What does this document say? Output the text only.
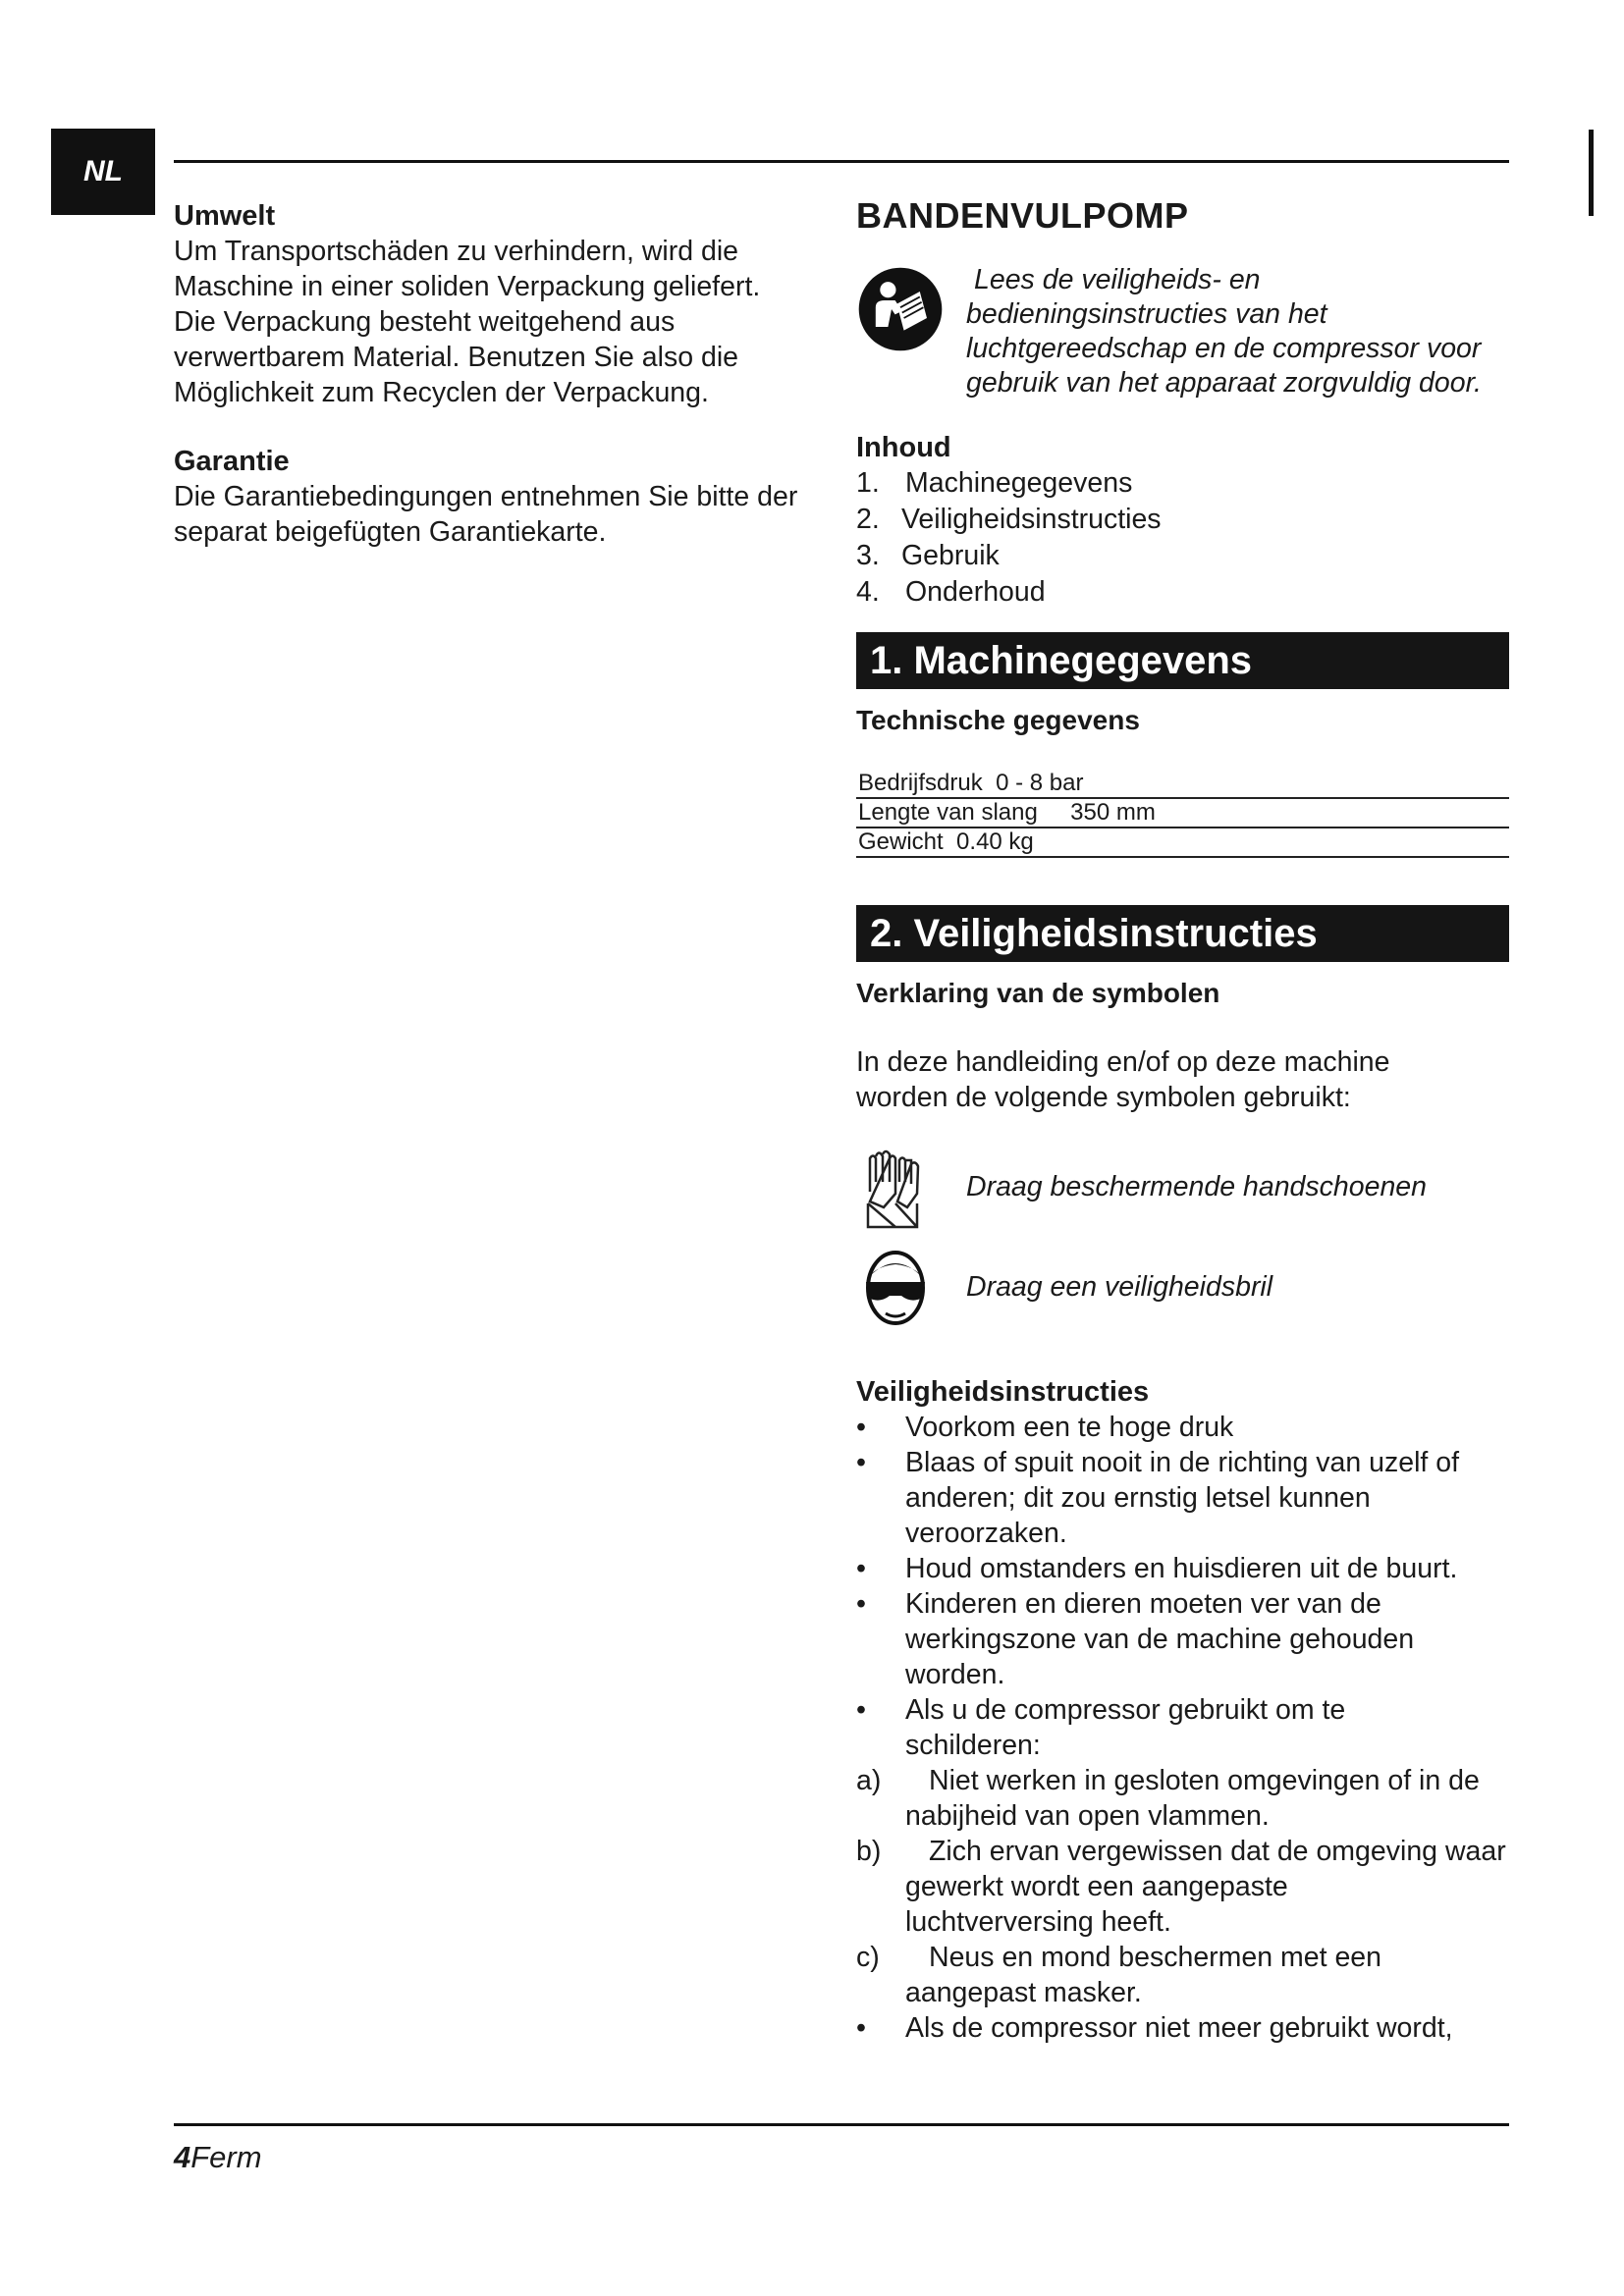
NL

Umwelt

Um Transportschäden zu verhindern, wird die
Maschine in einer soliden Verpackung geliefert.
Die Verpackung besteht weitgehend aus
verwertbarem Material. Benutzen Sie also die
Möglichkeit zum Recyclen der Verpackung.

Garantie

Die Garantiebedingungen entnehmen Sie bitte der
separat beigefügten Garantiekarte.

BANDENVULPOMP

Lees de veiligheids- en
bedieningsinstructies van het
luchtgereedschap en de compressor voor
gebruik van het apparaat zorgvuldig door.

Inhoud

1. Machinegegevens
2. Veiligheidsinstructies
3. Gebruik
4. Onderhoud

1. Machinegegevens

Technische gegevens

Bedrijfsdruk 0 - 8 bar
Lengte van slang 350 mm
Gewicht 0.40 kg

2. Veiligheidsinstructies

Verklaring van de symbolen

In deze handleiding en/of op deze machine
worden de volgende symbolen gebruikt:

Draag beschermende handschoenen
Draag een veiligheidsbril

Veiligheidsinstructies

•	Voorkom een te hoge druk
•	Blaas of spuit nooit in de richting van uzelf of
anderen; dit zou ernstig letsel kunnen
veroorzaken.
•	Houd omstanders en huisdieren uit de buurt.
•	Kinderen en dieren moeten ver van de
werkingszone van de machine gehouden
worden.
•	Als u de compressor gebruikt om te
schilderen:
a)	Niet werken in gesloten omgevingen of in de
nabijheid van open vlammen.
b)	Zich ervan vergewissen dat de omgeving waar
gewerkt wordt een aangepaste
luchtverversing heeft.
c)	Neus en mond beschermen met een
aangepast masker.
•	Als de compressor niet meer gebruikt wordt,
4Ferm
